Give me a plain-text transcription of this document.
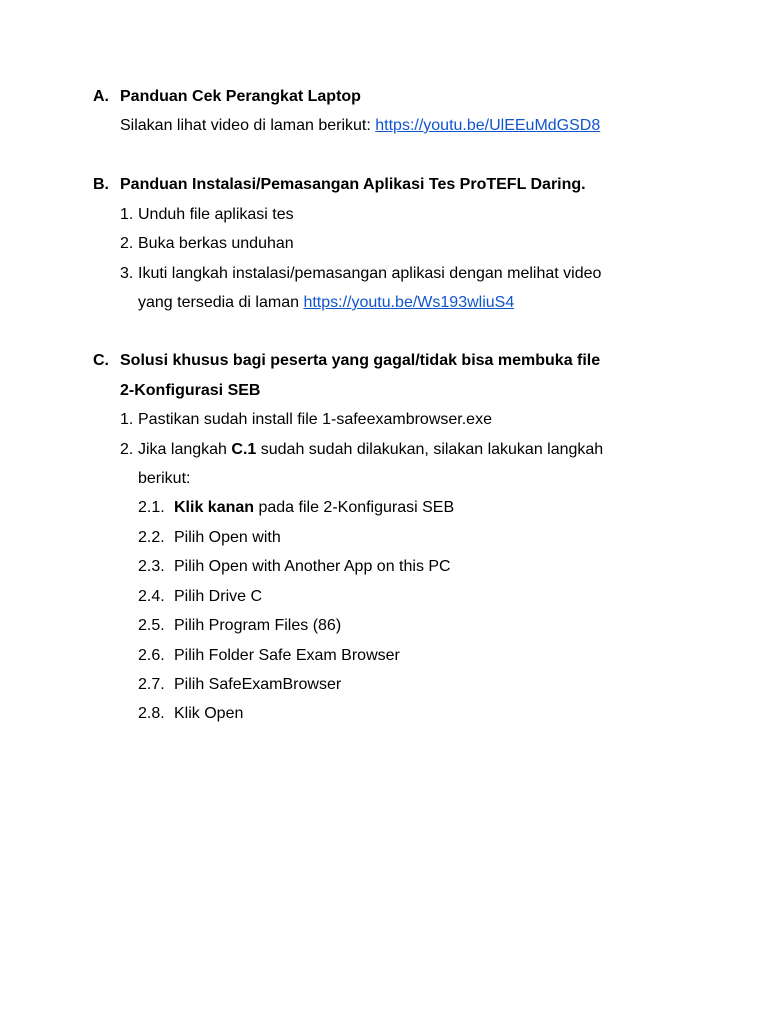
A. Panduan Cek Perangkat Laptop
Silakan lihat video di laman berikut: https://youtu.be/UlEEuMdGSD8
B. Panduan Instalasi/Pemasangan Aplikasi Tes ProTEFL Daring.
1. Unduh file aplikasi tes
2. Buka berkas unduhan
3. Ikuti langkah instalasi/pemasangan aplikasi dengan melihat video
yang tersedia di laman https://youtu.be/Ws193wliuS4
C. Solusi khusus bagi peserta yang gagal/tidak bisa membuka file
2-Konfigurasi SEB
1. Pastikan sudah install file 1-safeexambrowser.exe
2. Jika langkah C.1 sudah sudah dilakukan, silakan lakukan langkah
berikut:
2.1. Klik kanan pada file 2-Konfigurasi SEB
2.2. Pilih Open with
2.3. Pilih Open with Another App on this PC
2.4. Pilih Drive C
2.5. Pilih Program Files (86)
2.6. Pilih Folder Safe Exam Browser
2.7. Pilih SafeExamBrowser
2.8. Klik Open
